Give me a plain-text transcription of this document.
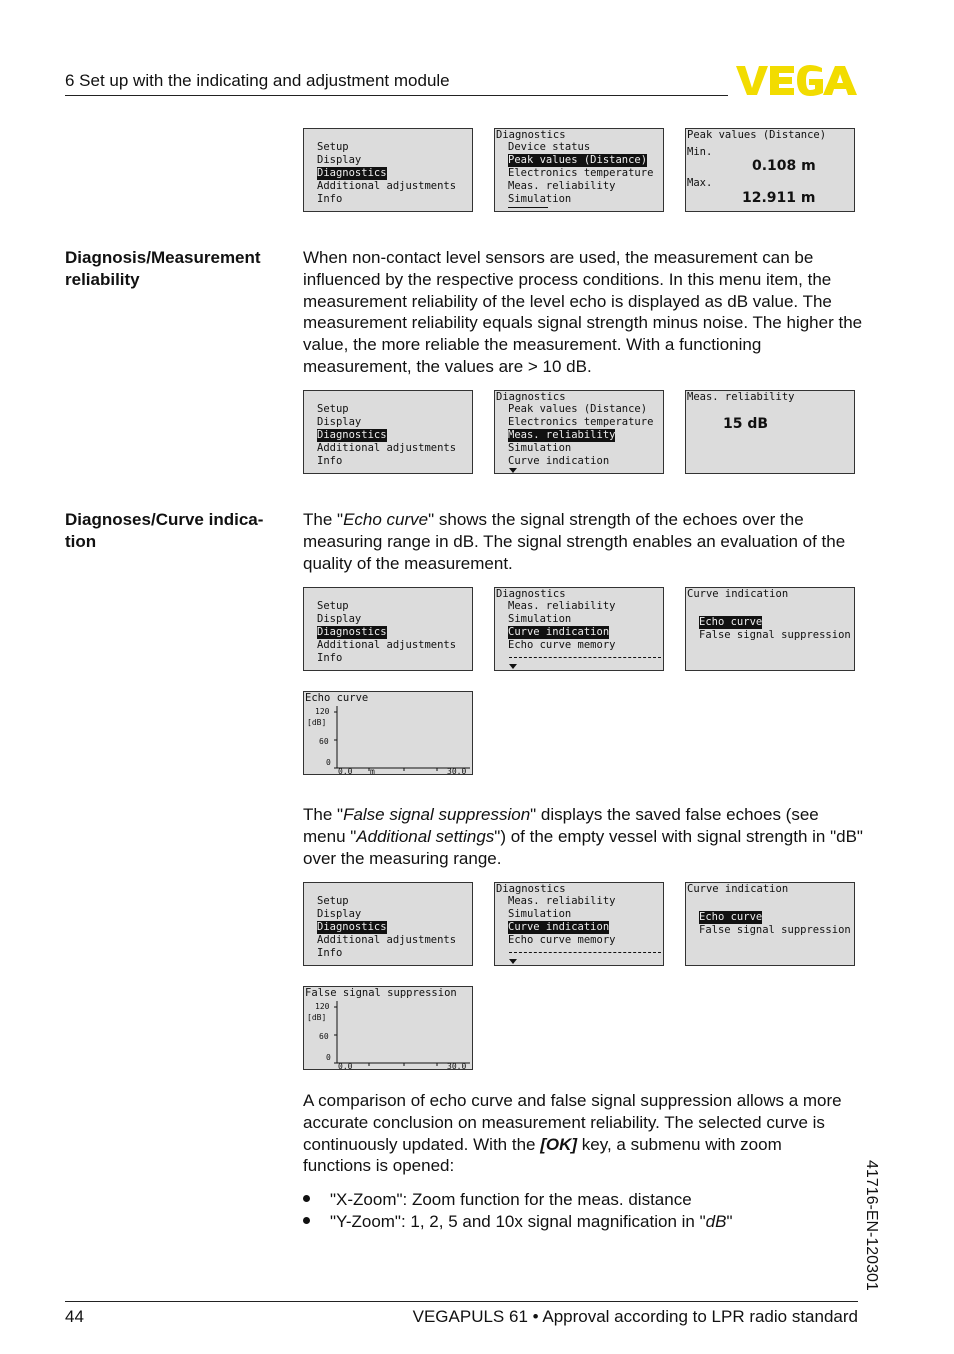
6 Set up with the indicating and adjustment module
Setup
Display
Diagnostics
Additional adjustments
Info
Diagnostics
Device status
Peak values (Distance)
Electronics temperature
Meas. reliability
Simulation
Peak values (Distance)
Min.
0.108 m
Max.
12.911 m
Diagnosis/Measurement reliability
When non-contact level sensors are used, the measurement can be influenced by the respective process conditions. In this menu item, the measurement reliability of the level echo is displayed as dB value. The measurement reliability equals signal strength minus noise. The higher the value, the more reliable the measurement. With a functioning measurement, the values are > 10 dB.
Setup
Display
Diagnostics
Additional adjustments
Info
Diagnostics
Peak values (Distance)
Electronics temperature
Meas. reliability
Simulation
Curve indication
Meas. reliability
15 dB
Diagnoses/Curve indica-tion
The "Echo curve" shows the signal strength of the echoes over the measuring range in dB. The signal strength enables an evaluation of the quality of the measurement.
Setup
Display
Diagnostics
Additional adjustments
Info
Diagnostics
Meas. reliability
Simulation
Curve indication
Echo curve memory
Curve indication
Echo curve
False signal suppression
Echo curve
120
[dB]
60
0
0.0 m	30.0
The "False signal suppression" displays the saved false echoes (see menu "Additional settings") of the empty vessel with signal strength in "dB" over the measuring range.
Setup
Display
Diagnostics
Additional adjustments
Info
Diagnostics
Meas. reliability
Simulation
Curve indication
Echo curve memory
Curve indication
Echo curve
False signal suppression
False signal suppression
120
[dB]
60
0
0.0	30.0
A comparison of echo curve and false signal suppression allows a more accurate conclusion on measurement reliability. The selected curve is continuously updated. With the [OK] key, a submenu with zoom functions is opened:
"X-Zoom": Zoom function for the meas. distance
"Y-Zoom": 1, 2, 5 and 10x signal magnification in "dB"	41716-EN-120301
44	VEGAPULS 61 • Approval according to LPR radio standard
